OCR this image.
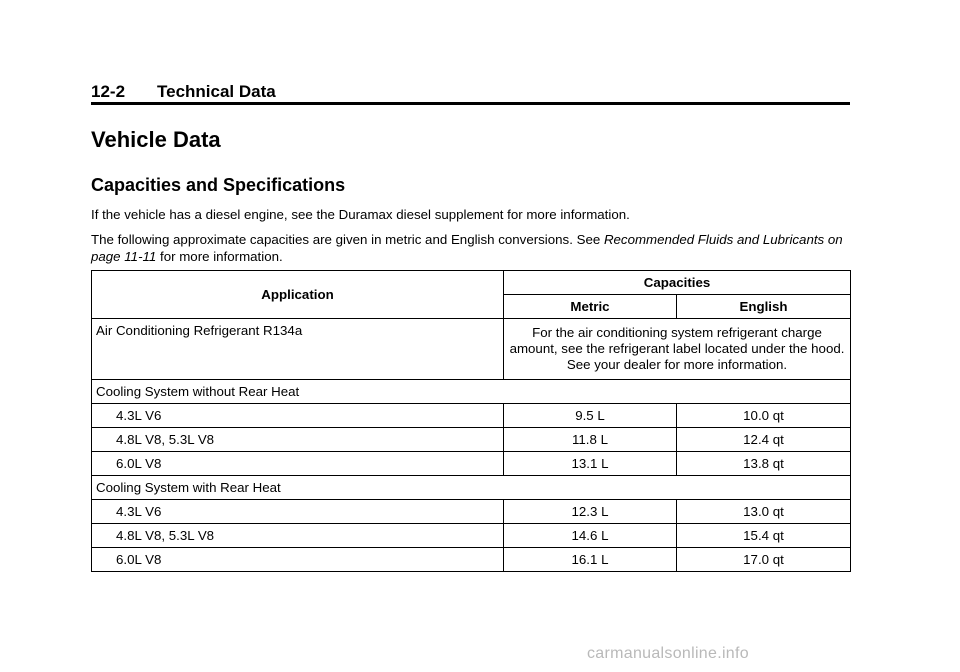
12-2 Technical Data
Vehicle Data
Capacities and Specifications

If the vehicle has a diesel engine, see the Duramax diesel supplement for more information.

The following approximate capacities are given in metric and English conversions. See Recommended Fluids and Lubricants on page 11-11 for more information.

Application	Capacities	
	Metric	English
Air Conditioning Refrigerant R134a	For the air conditioning system refrigerant charge amount, see the refrigerant label located under the hood. See your dealer for more information.	
Cooling System without Rear Heat		
4.3L V6	9.5 L	10.0 qt
4.8L V8, 5.3L V8	11.8 L	12.4 qt
6.0L V8	13.1 L	13.8 qt
Cooling System with Rear Heat		
4.3L V6	12.3 L	13.0 qt
4.8L V8, 5.3L V8	14.6 L	15.4 qt
6.0L V8	16.1 L	17.0 qt
carmanualsonline.info
